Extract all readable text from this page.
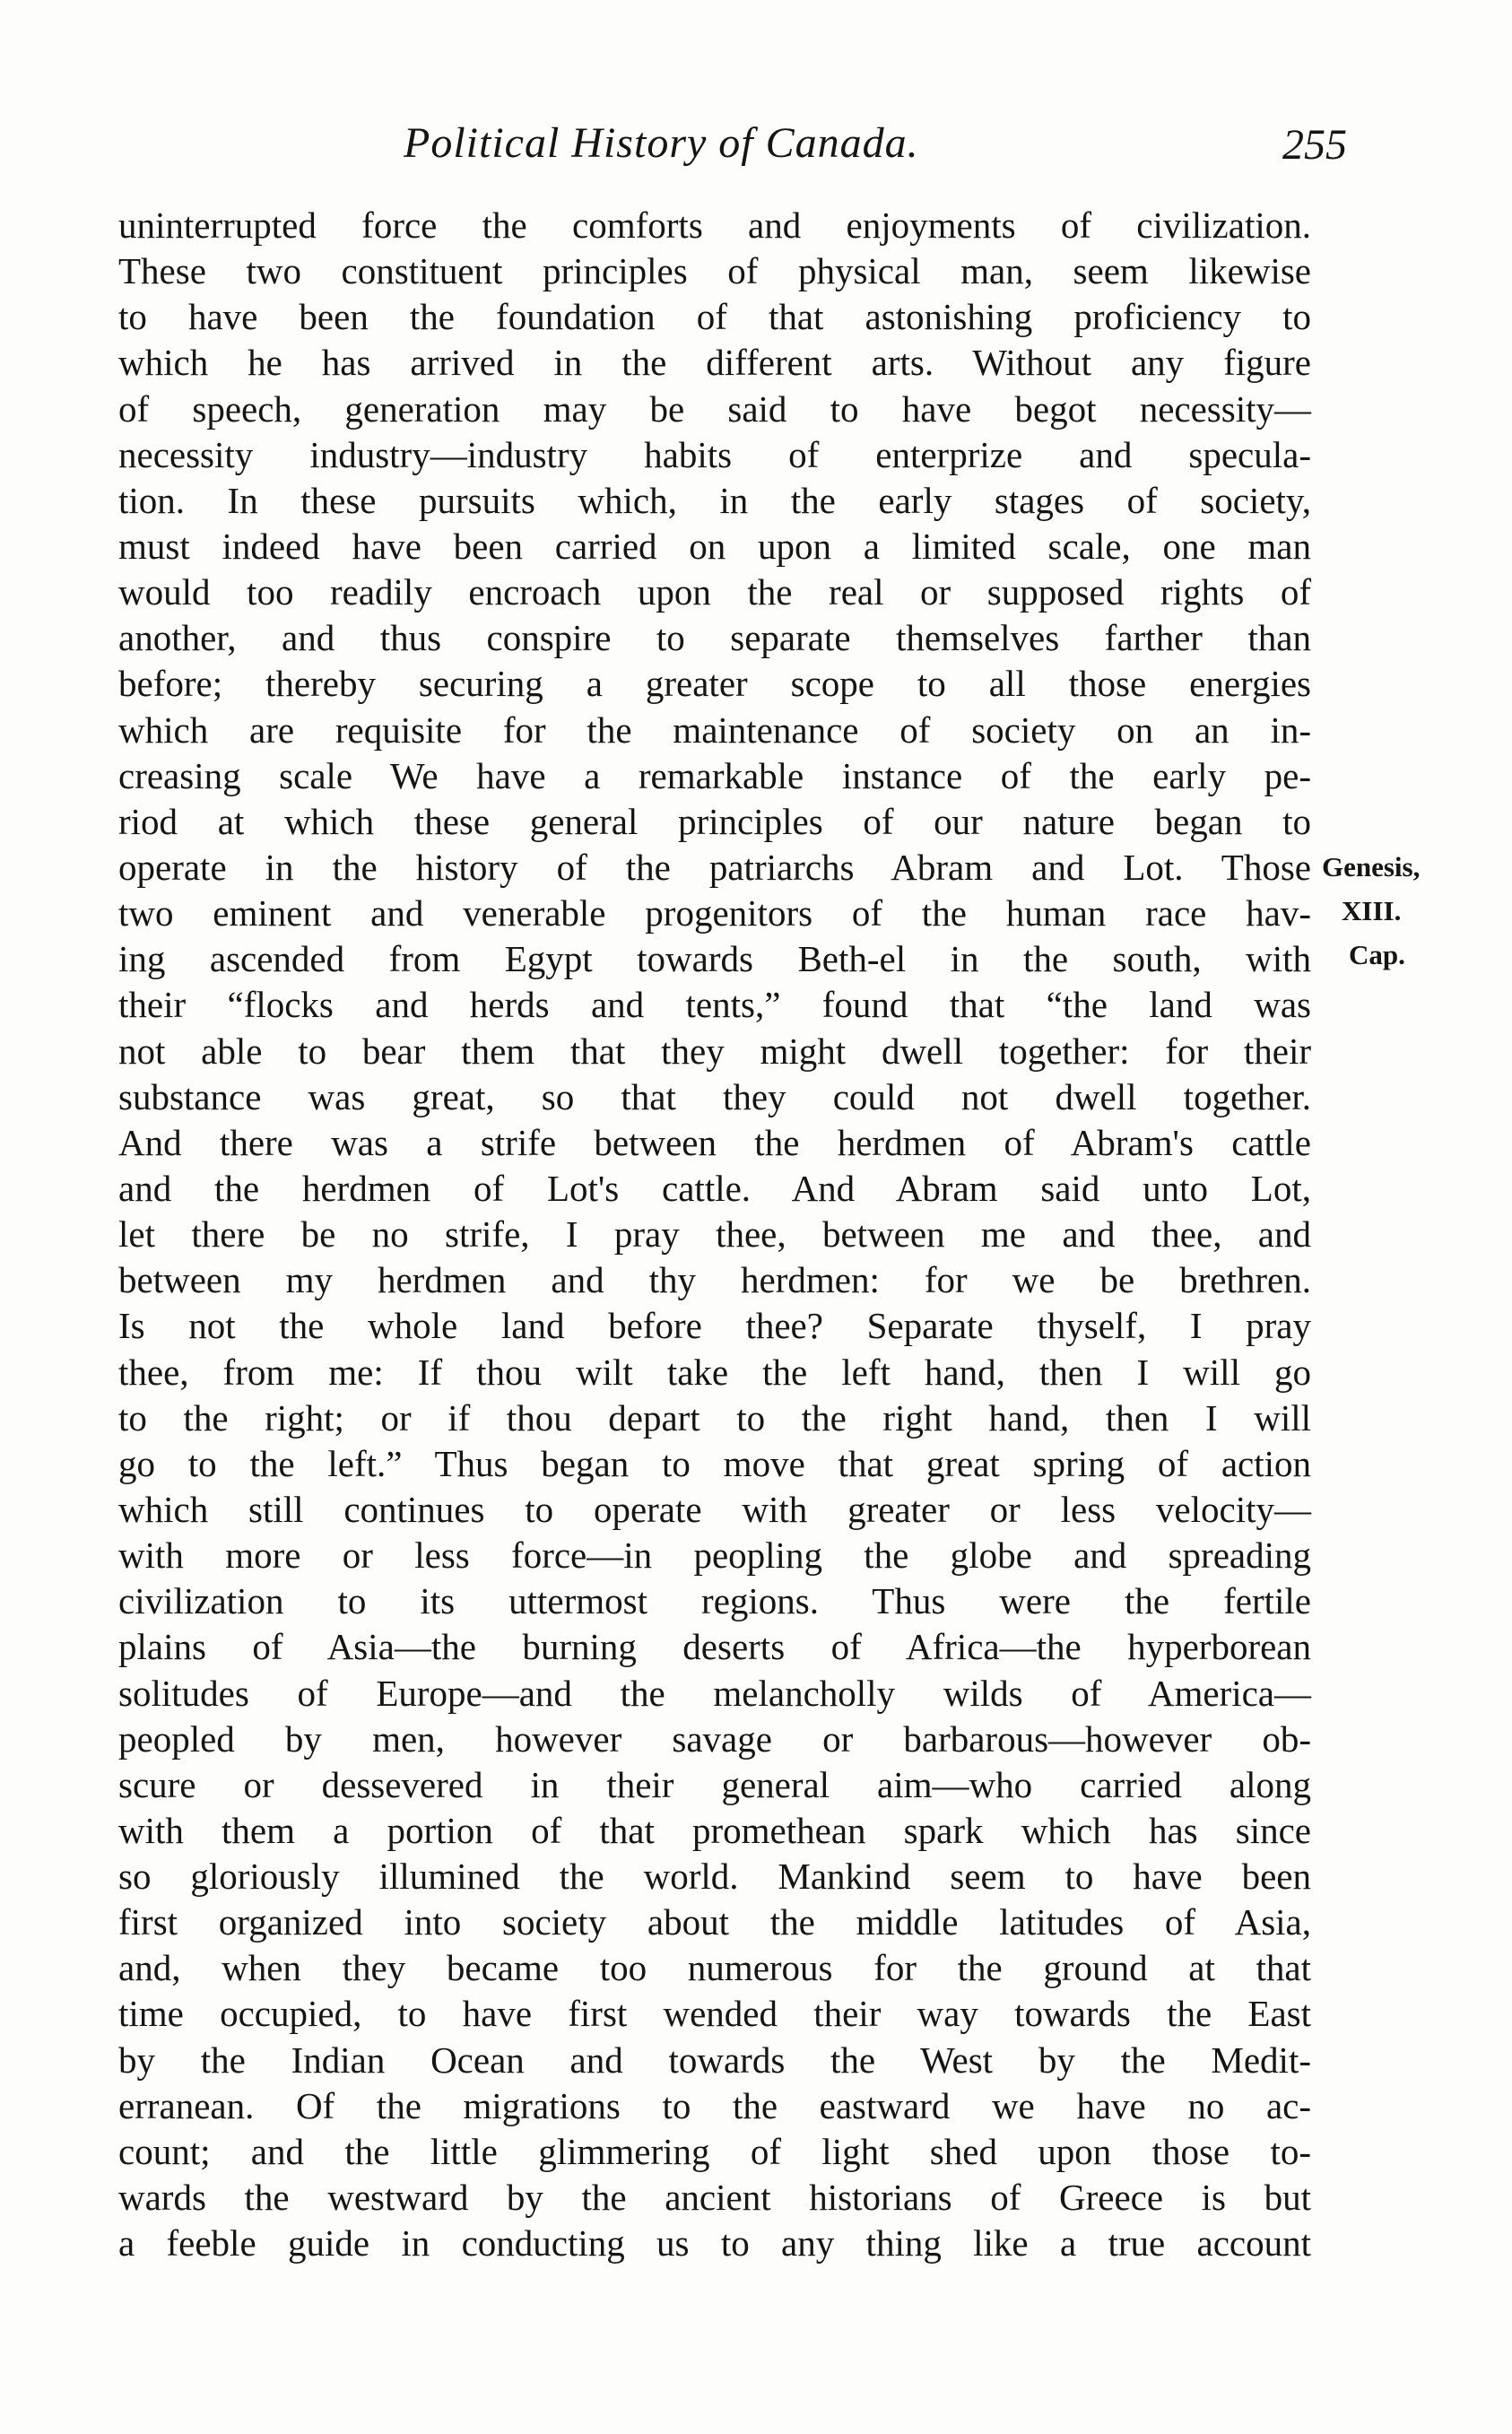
Political History of Canada.	255
uninterrupted force the comforts and enjoyments of civilization.
These two constituent principles of physical man, seem likewise
to have been the foundation of that astonishing proficiency to
which he has arrived in the different arts. Without any figure
of speech, generation may be said to have begot necessity—
necessity industry—industry habits of enterprize and specula-
tion. In these pursuits which, in the early stages of society,
must indeed have been carried on upon a limited scale, one man
would too readily encroach upon the real or supposed rights of
another, and thus conspire to separate themselves farther than
before; thereby securing a greater scope to all those energies
which are requisite for the maintenance of society on an in-
creasing scale We have a remarkable instance of the early pe-
riod at which these general principles of our nature began to
operate in the history of the patriarchs Abram and Lot. Those
two eminent and venerable progenitors of the human race hav-
ing ascended from Egypt towards Beth-el in the south, with
their “flocks and herds and tents,” found that “the land was
not able to bear them that they might dwell together: for their
substance was great, so that they could not dwell together.
And there was a strife between the herdmen of Abram's cattle
and the herdmen of Lot's cattle. And Abram said unto Lot,
let there be no strife, I pray thee, between me and thee, and
between my herdmen and thy herdmen: for we be brethren.
Is not the whole land before thee? Separate thyself, I pray
thee, from me: If thou wilt take the left hand, then I will go
to the right; or if thou depart to the right hand, then I will
go to the left.” Thus began to move that great spring of action
which still continues to operate with greater or less velocity—
with more or less force—in peopling the globe and spreading
civilization to its uttermost regions. Thus were the fertile
plains of Asia—the burning deserts of Africa—the hyperborean
solitudes of Europe—and the melancholly wilds of America—
peopled by men, however savage or barbarous—however ob-
scure or dessevered in their general aim—who carried along
with them a portion of that promethean spark which has since
so gloriously illumined the world. Mankind seem to have been
first organized into society about the middle latitudes of Asia,
and, when they became too numerous for the ground at that
time occupied, to have first wended their way towards the East
by the Indian Ocean and towards the West by the Medit-
erranean. Of the migrations to the eastward we have no ac-
count; and the little glimmering of light shed upon those to-
wards the westward by the ancient historians of Greece is but
a feeble guide in conducting us to any thing like a true account
Genesis,
XIII.
Cap.
